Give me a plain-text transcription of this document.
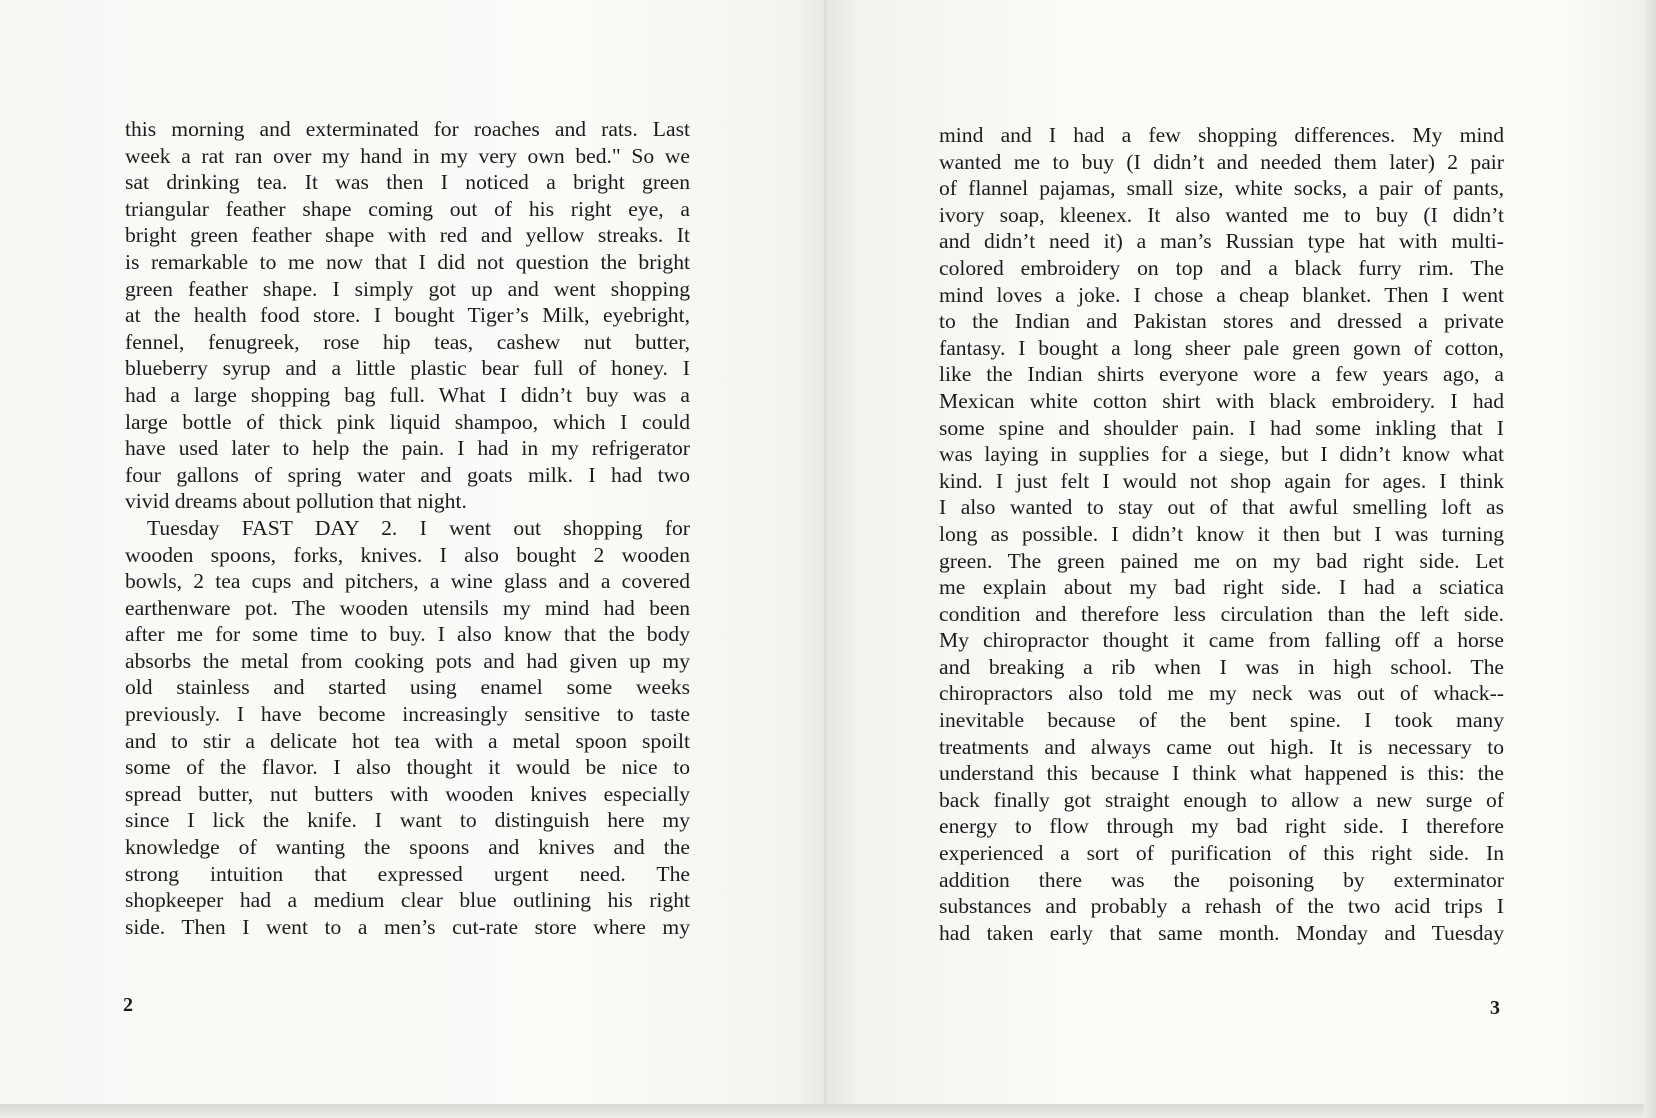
this morning and exterminated for roaches and rats. Last
week a rat ran over my hand in my very own bed." So we
sat drinking tea. It was then I noticed a bright green
triangular feather shape coming out of his right eye, a
bright green feather shape with red and yellow streaks. It
is remarkable to me now that I did not question the bright
green feather shape. I simply got up and went shopping
at the health food store. I bought Tiger’s Milk, eyebright,
fennel, fenugreek, rose hip teas, cashew nut butter,
blueberry syrup and a little plastic bear full of honey. I
had a large shopping bag full. What I didn’t buy was a
large bottle of thick pink liquid shampoo, which I could
have used later to help the pain. I had in my refrigerator
four gallons of spring water and goats milk. I had two
vivid dreams about pollution that night.
Tuesday FAST DAY 2. I went out shopping for
wooden spoons, forks, knives. I also bought 2 wooden
bowls, 2 tea cups and pitchers, a wine glass and a covered
earthenware pot. The wooden utensils my mind had been
after me for some time to buy. I also know that the body
absorbs the metal from cooking pots and had given up my
old stainless and started using enamel some weeks
previously. I have become increasingly sensitive to taste
and to stir a delicate hot tea with a metal spoon spoilt
some of the flavor. I also thought it would be nice to
spread butter, nut butters with wooden knives especially
since I lick the knife. I want to distinguish here my
knowledge of wanting the spoons and knives and the
strong intuition that expressed urgent need. The
shopkeeper had a medium clear blue outlining his right
side. Then I went to a men’s cut-rate store where my
2
mind and I had a few shopping differences. My mind
wanted me to buy (I didn’t and needed them later) 2 pair
of flannel pajamas, small size, white socks, a pair of pants,
ivory soap, kleenex. It also wanted me to buy (I didn’t
and didn’t need it) a man’s Russian type hat with multi-
colored embroidery on top and a black furry rim. The
mind loves a joke. I chose a cheap blanket. Then I went
to the Indian and Pakistan stores and dressed a private
fantasy. I bought a long sheer pale green gown of cotton,
like the Indian shirts everyone wore a few years ago, a
Mexican white cotton shirt with black embroidery. I had
some spine and shoulder pain. I had some inkling that I
was laying in supplies for a siege, but I didn’t know what
kind. I just felt I would not shop again for ages. I think
I also wanted to stay out of that awful smelling loft as
long as possible. I didn’t know it then but I was turning
green. The green pained me on my bad right side. Let
me explain about my bad right side. I had a sciatica
condition and therefore less circulation than the left side.
My chiropractor thought it came from falling off a horse
and breaking a rib when I was in high school. The
chiropractors also told me my neck was out of whack--
inevitable because of the bent spine. I took many
treatments and always came out high. It is necessary to
understand this because I think what happened is this: the
back finally got straight enough to allow a new surge of
energy to flow through my bad right side. I therefore
experienced a sort of purification of this right side. In
addition there was the poisoning by exterminator
substances and probably a rehash of the two acid trips I
had taken early that same month. Monday and Tuesday
3
